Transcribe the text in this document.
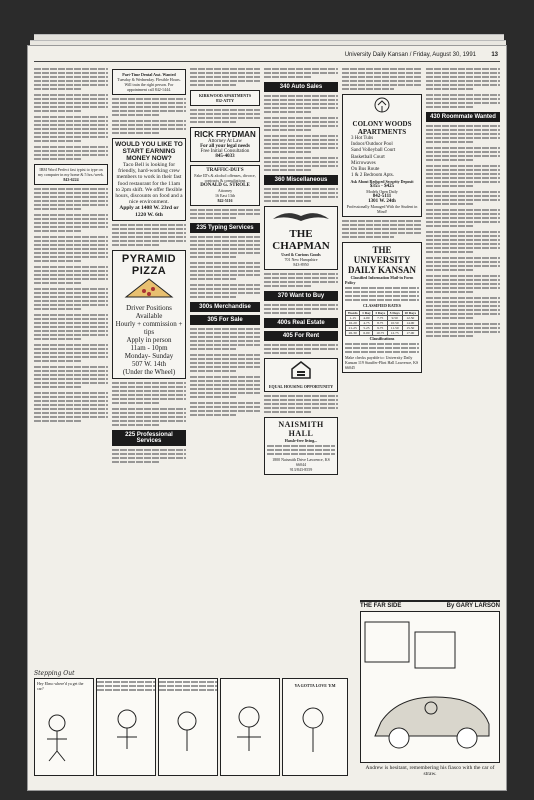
University Daily Kansan / Friday, August 30, 1991	13
IBM Word Perfect fast typist to type on my computer in my home & 5 hrs./week.
843-6224
Part-Time Dental Asst. Wanted
Tuesday & Wednesday. Flexible Hours. Will train the right person. For appointment call 842-1444.
WOULD YOU LIKE TO START EARNING MONEY NOW?
Taco Bell is looking for friendly, hard-working crew members to work in their fast food restaurant for the 11am to 2pm shift. We offer flexible hours, discounts on food and a nice environment.
Apply at 1408 W. 23rd or 1220 W. 6th
PYRAMID PIZZA
Driver Positions Available
Hourly + commission + tips
Apply in person
11am - 10pm
Monday- Sunday
507 W. 14th
(Under the Wheel)
225 Professional Services
KIRKWOOD APARTMENTS
832-ATTY
RICK FRYDMAN
Attorney At Law
For all your legal needs
Free Initial Consultation
845-4033
TRAFFIC-DUI'S
Fake ID's & alcohol offenses, divorce, contracts & consultations
DONALD G. STROLE
Attorney
16 East 13th
842-5116
235 Typing Services
300s Merchandise
305 For Sale
340 Auto Sales
360 Miscellaneous
THE CHAPMAN
Used & Curious Goods
701 New Hampshire
843-8950
370 Want to Buy
400s Real Estate
405 For Rent
EQUAL HOUSING OPPORTUNITY
NAISMITH HALL
Hassle-free living...
1800 Naismith Drive Lawrence, KS 66044
913/843-8559
COLONY WOODS APARTMENTS
3 Hot Tubs
Indoor/Outdoor Pool
Sand Volleyball Court
Basketball Court
Microwaves
On Bus Route
1 & 2 Bedroom Apts.
Ask About Reduced Security Deposit
$355 - $425
Models Open Daily
842-5111
1301 W. 24th
Professionally Managed With the Student in Mind!
THE UNIVERSITY DAILY KANSAN
Classified Information Mail-in Form
Policy
CLASSIFIED RATES
Words	1 Day	3 Days	5 Days	10 Days
1-15	4.00	7.75	9.50	12.50
16-20	4.75	8.75	10.50	14.00
21-25	5.25	9.75	11.50	15.50
26-30	6.00	10.75	12.75	17.00
Classifications
Make checks payable to: University Daily Kansan 119 Stauffer-Flint Hall Lawrence, KS 66045
430 Roommate Wanted
Stepping Out
Hey Elmo where'd ya get the car?
YA GOTTA LOVE 'EM
THE FAR SIDE	By GARY LARSON
Andrew is hesitant, remembering his fiasco with the car of straw.
